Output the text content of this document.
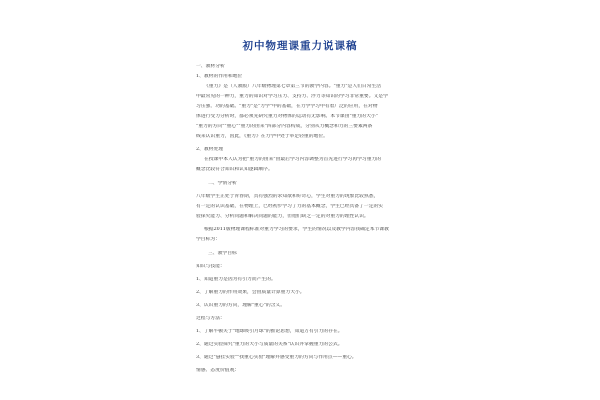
初中物理课重力说课稿
一、教材分析
1、教材的作用和地位
《重力》是（人教版）八年级物理第七章第三节的教学内容。"重力"是人们日常生活
中最常见的一种力，重力的知识对学习压力、支持力、浮力等知识的学习非常重要。又是学
习压强、功的基础。"重力"是"力学"中的基础，在力学学习中有着广泛的应用，在对物
体进行受力分析时，都必须先研究重力对物体的运动有无影响。本节课由"重力的大小"
"重力的方向""重心""重力的由来"四部分内容构成，分别从力概念和力的三要素两条
线来认识重力，因此，《重力》在力学中处于举足轻重的地位。
2、教材处理
在授课中本人认为把"重力的由来"由最后学习内容调整为首先进行学习再学习重力的
概念比较符合知识和认知逻辑顺序。
二、学情分析
八年级学生正处于青春期，具有强烈的求知欲和好奇心，学生对重力的现象比较熟悉，
有一定的认识基础，在物理上，已经初步学习了力的基本概念，学生已经具备了一定的实
验探究能力、分析问题和解决问题的能力，但他们缺乏一定的对重力的理性认识。
根据2011版物理课程标准对重力学习的要求，学生的情况以及教学内容我确定本节课教
学目标为：
三、教学目标
知识与技能：
1、知道重力是因为有引力而产生的。
2、了解重力的作用效果，会由质量计算重力大小。
3、认识重力的方向，理解"重心"的含义。
过程与方法：
1、了解牛顿关于"地球吸引月球"的推论思想，知道万有引力的存在。
2、通过实验探究"重力的大小与质量的关系"认识并掌握重力的公式。
3、通过"悬挂实验""找重心实验"理解并感受重力的方向与作用点——重心。
情感、态度价值观：
